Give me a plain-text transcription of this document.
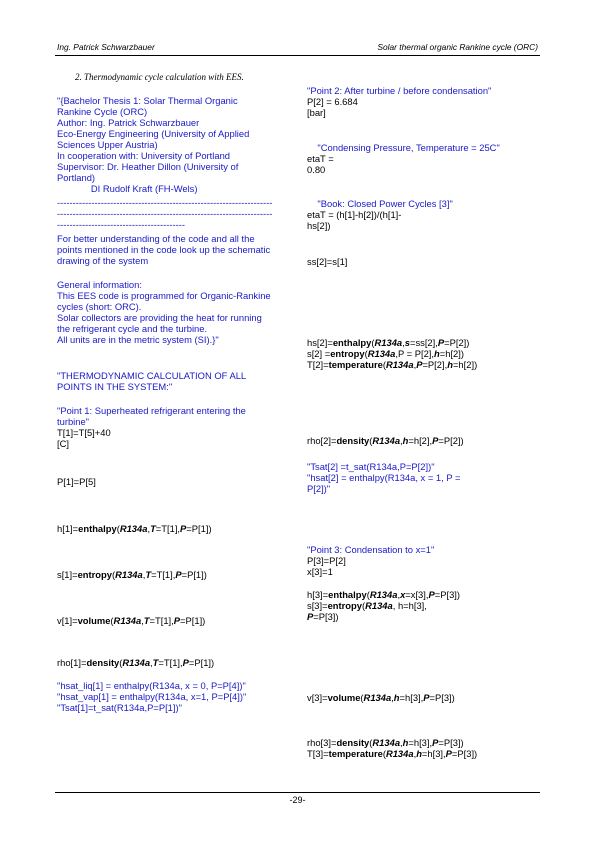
Ing. Patrick Schwarzbauer	Solar thermal organic Rankine cycle (ORC)
2. Thermodynamic cycle calculation with EES.

"{Bachelor Thesis 1: Solar Thermal Organic
Rankine Cycle (ORC)
Author: Ing. Patrick Schwarzbauer
Eco-Energy Engineering (University of Applied
Sciences Upper Austria)
In cooperation with: University of Portland
Supervisor: Dr. Heather Dillon (University of
Portland)

DI Rudolf Kraft (FH-Wels)

---------------------------------------------------------------------
---------------------------------------------------------------------
-----------------------------------------

For better understanding of the code and all the
points mentioned in the code look up the schematic
drawing of the system

General information:
This EES code is programmed for Organic-Rankine
cycles (short: ORC).
Solar collectors are providing the heat for running
the refrigerant cycle and the turbine.
All units are in the metric system (SI).}"

"THERMODYNAMIC CALCULATION OF ALL
POINTS IN THE SYSTEM:"

"Point 1: Superheated refrigerant entering the
turbine"

T[1]=T[5]+40

[C]

P[1]=P[5]

h[1]=enthalpy(R134a,T=T[1],P=P[1])

s[1]=entropy(R134a,T=T[1],P=P[1])

v[1]=volume(R134a,T=T[1],P=P[1])

rho[1]=density(R134a,T=T[1],P=P[1])

"hsat_liq[1] = enthalpy(R134a, x = 0, P=P[4])"
"hsat_vap[1] = enthalpy(R134a, x=1, P=P[4])"
"Tsat[1]=t_sat(R134a,P=P[1])"

"Point 2: After turbine / before condensation"

P[2] = 6.684

[bar]

"Condensing Pressure, Temperature = 25C"

etaT =
0.80

"Book: Closed Power Cycles [3]"

etaT = (h[1]-h[2])/(h[1]-
hs[2])

ss[2]=s[1]

hs[2]=enthalpy(R134a,s=ss[2],P=P[2])

s[2] =entropy(R134a,P = P[2],h=h[2])

T[2]=temperature(R134a,P=P[2],h=h[2])

rho[2]=density(R134a,h=h[2],P=P[2])

"Tsat[2] =t_sat(R134a,P=P[2])"
"hsat[2] = enthalpy(R134a, x = 1, P =
P[2])"

"Point 3: Condensation to x=1"

P[3]=P[2]
x[3]=1

h[3]=enthalpy(R134a,x=x[3],P=P[3])

s[3]=entropy(R134a, h=h[3],
P=P[3])

v[3]=volume(R134a,h=h[3],P=P[3])

rho[3]=density(R134a,h=h[3],P=P[3])

T[3]=temperature(R134a,h=h[3],P=P[3])

-29-
